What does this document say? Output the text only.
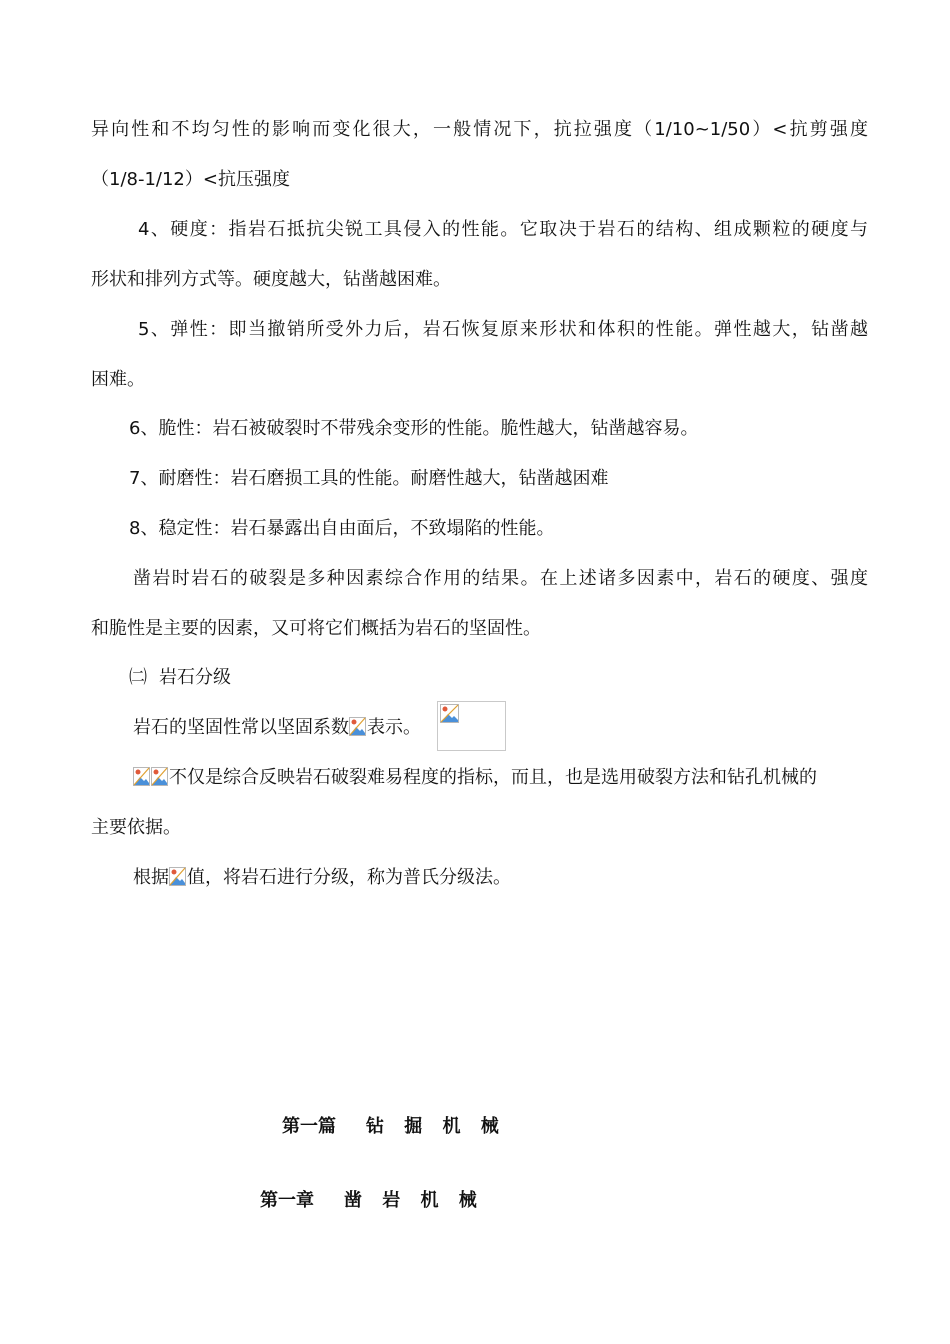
异向性和不均匀性的影响而变化很大，一般情况下，抗拉强度（1/10~1/50）<抗剪强度
（1/8-1/12）<抗压强度
4、硬度：指岩石抵抗尖锐工具侵入的性能。它取决于岩石的结构、组成颗粒的硬度与
形状和排列方式等。硬度越大，钻凿越困难。
5、弹性：即当撤销所受外力后，岩石恢复原来形状和体积的性能。弹性越大，钻凿越
困难。
6、脆性：岩石被破裂时不带残余变形的性能。脆性越大，钻凿越容易。
7、耐磨性：岩石磨损工具的性能。耐磨性越大，钻凿越困难
8、稳定性：岩石暴露出自由面后，不致塌陷的性能。
凿岩时岩石的破裂是多种因素综合作用的结果。在上述诸多因素中，岩石的硬度、强度
和脆性是主要的因素，又可将它们概括为岩石的坚固性。
㈡ 岩石分级
岩石的坚固性常以坚固系数 表示。
不仅是综合反映岩石破裂难易程度的指标，而且，也是选用破裂方法和钻孔机械的
主要依据。
根据 值，将岩石进行分级，称为普氏分级法。
第一篇 钻 掘 机 械
第一章 凿 岩 机 械
